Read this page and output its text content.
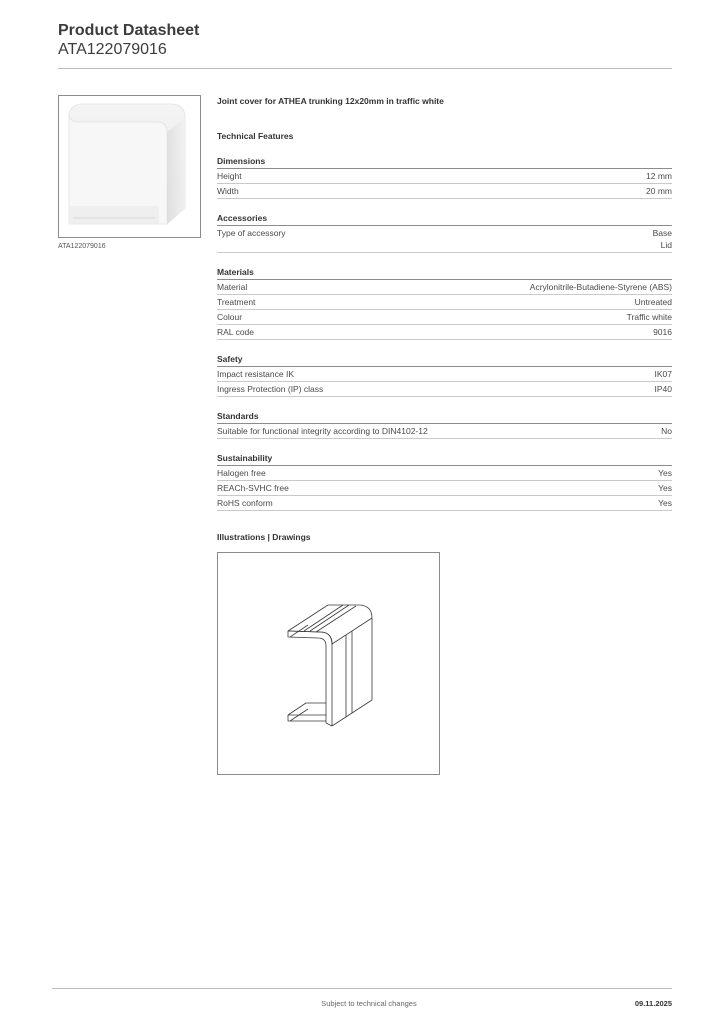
Product Datasheet
ATA122079016
ATA122079016
Joint cover for ATHEA trunking 12x20mm in traffic white
Technical Features
Dimensions
Height	12 mm
Width	20 mm
Accessories
Type of accessory	Base
Lid
Materials
Material	Acrylonitrile-Butadiene-Styrene (ABS)
Treatment	Untreated
Colour	Traffic white
RAL code	9016
Safety
Impact resistance IK	IK07
Ingress Protection (IP) class	IP40
Standards
Suitable for functional integrity according to DIN4102-12	No
Sustainability
Halogen free	Yes
REACh-SVHC free	Yes
RoHS conform	Yes
Illustrations | Drawings
Subject to technical changes	09.11.2025
